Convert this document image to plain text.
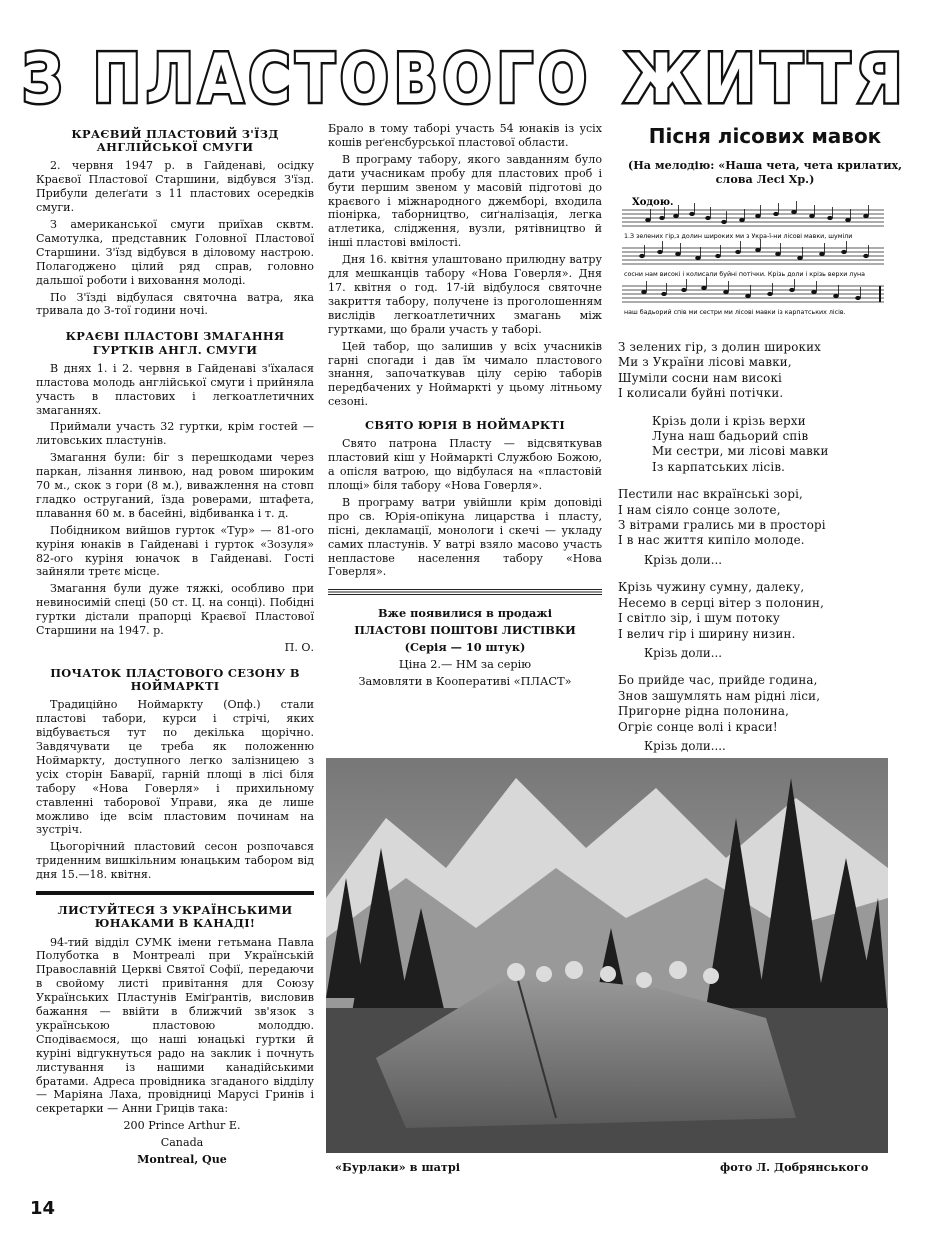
З ПЛАСТОВОГО ЖИТТЯ
КРАЄВИЙ ПЛАСТОВИЙ З'ЇЗД АНГЛІЙСЬКОЇ СМУГИ

2. червня 1947 р. в Гайденаві, осідку Краєвої Пластової Старшини, відбувся З'їзд. Прибули делеґати з 11 пластових осередків смуги.

З американської смуги приїхав сквтм. Самотулка, представник Головної Пластової Старшини. З'їзд відбувся в діловому настрою. Полагоджено цілий ряд справ, головно дальшої роботи і виховання молоді.

По З'їзді відбулася святочна ватра, яка тривала до 3-тої години ночі.

КРАЄВІ ПЛАСТОВІ ЗМАГАННЯ ГУРТКІВ АНГЛ. СМУГИ

В днях 1. і 2. червня в Гайденаві з'їхалася пластова молодь англійської смуги і прийняла участь в пластових і легкоатлетичних змаганнях.

Приймали участь 32 гуртки, крім гостей — литовських пластунів.

Змагання були: біг з перешкодами через паркан, лізання линвою, над ровом широким 70 м., скок з гори (8 м.), виважлення на стовп гладко оструганий, їзда роверами, штафета, плавання 60 м. в басейні, відбиванка і т. д.

Побідником вийшов гурток «Тур» — 81-ого куріня юнаків в Гайденаві і гурток «Зозуля» 82-ого куріня юначок в Гайденаві. Гості зайняли третє місце.

Змагання були дуже тяжкі, особливо при невиносимій спеці (50 ст. Ц. на сонці). Побідні гуртки дістали прапорці Краєвої Пластової Старшини на 1947. р.

П. О.

ПОЧАТОК ПЛАСТОВОГО СЕЗОНУ В НОЙМАРКТІ

Традиційно Ноймаркту (Опф.) стали пластові табори, курси і стрічі, яких відбувається тут по декілька щорічно. Завдячувати це треба як положенню Ноймаркту, доступного легко залізницею з усіх сторін Баварії, гарній площі в лісі біля табору «Нова Говерля» і прихильному ставленні таборової Управи, яка де лише можливо іде всім пластовим починам на зустріч.

Цьогорічний пластовий сесон розпочався триденним вишкільним юнацьким табором від дня 15.—18. квітня.

ЛИСТУЙТЕСЯ З УКРАЇНСЬКИМИ ЮНАКАМИ В КАНАДІ!

94-тий відділ СУМК імени гетьмана Павла Полуботка в Монтреалі при Українській Православній Церкві Святої Софії, передаючи в свойому листі привітання для Союзу Українських Пластунів Еміґрантів, висловив бажання — ввійти в ближчий зв'язок з українською пластовою молоддю. Сподіваємося, що наші юнацькі гуртки й куріні відгукнуться радо на заклик і почнуть листування із нашими канадійськими братами. Адреса провідника згаданого відділу — Маріяна Лаха, провідниці Марусі Гринів і секретарки — Анни Гриців така:

200 Prince Arthur E.

Canada

Montreal, Que

Брало в тому таборі участь 54 юнаків із усіх кошів реґенсбурської пластової области.

В програму табору, якого завданням було дати учасникам пробу для пластових проб і бути першим звеном у масовій підготові до краєвого і міжнародного джемборі, входила піонірка, таборництво, сиґналізація, легка атлетика, слідження, вузли, рятівництво й інші пластові вмілості.

Дня 16. квітня улаштовано прилюдну ватру для мешканців табору «Нова Говерля». Дня 17. квітня о год. 17-ій відбулося святочне закриття табору, получене із проголошенням вислідів легкоатлетичних змагань між гуртками, що брали участь у таборі.

Цей табор, що залишив у всіх учасників гарні спогади і дав їм чимало пластового знання, започаткував цілу серію таборів передбачених у Ноймаркті у цьому літньому сезоні.

СВЯТО ЮРІЯ В НОЙМАРКТІ

Свято патрона Пласту — відсвяткував пластовий кіш у Ноймаркті Службою Божою, а опісля ватрою, що відбулася на «пластовій площі» біля табору «Нова Говерля».

В програму ватри увійшли крім доповіді про св. Юрія-опікуна лицарства і пласту, пісні, декламації, монологи і скечі — укладу самих пластунів. У ватрі взяло масово участь непластове населення табору «Нова Говерля».

Вже появилися в продажі
ПЛАСТОВІ ПОШТОВІ ЛИСТІВКИ
(Серія — 10 штук)
Ціна 2.— НМ за серію
Замовляти в Кооперативі «ПЛАСТ»
Пісня лісових мавок
(На мелодію: «Наша чета, чета крилатих, слова Лесі Хр.)
Ходою.
1.З зелених гір,з долин широких ми з Укра-ї-ни лісові мавки, шуміли
сосни нам високі і колисали буйні потічки. Крізь доли і крізь верхи луна
наш бадьорий спів ми сестри ми лісові мавки із карпатських лісів.
З зелених гір, з долин широких
Ми з України лісові мавки,
Шуміли сосни нам високі
І колисали буйні потічки.
Крізь доли і крізь верхи
Луна наш бадьорий спів
Ми сестри, ми лісові мавки
Із карпатських лісів.
Пестили нас вкраїнські зорі,
І нам сіяло сонце золоте,
З вітрами грались ми в просторі
І в нас життя кипіло молоде.
Крізь доли...
Крізь чужину сумну, далеку,
Несемо в серці вітер з полонин,
І світло зір, і шум потоку
І велич гір і ширину низин.
Крізь доли...
Бо прийде час, прийде година,
Знов зашумлять нам рідні ліси,
Пригорне рідна полонина,
Огріє сонце волі і краси!
Крізь доли....
«Бурлаки» в шатрі	фото Л. Добрянського
14
